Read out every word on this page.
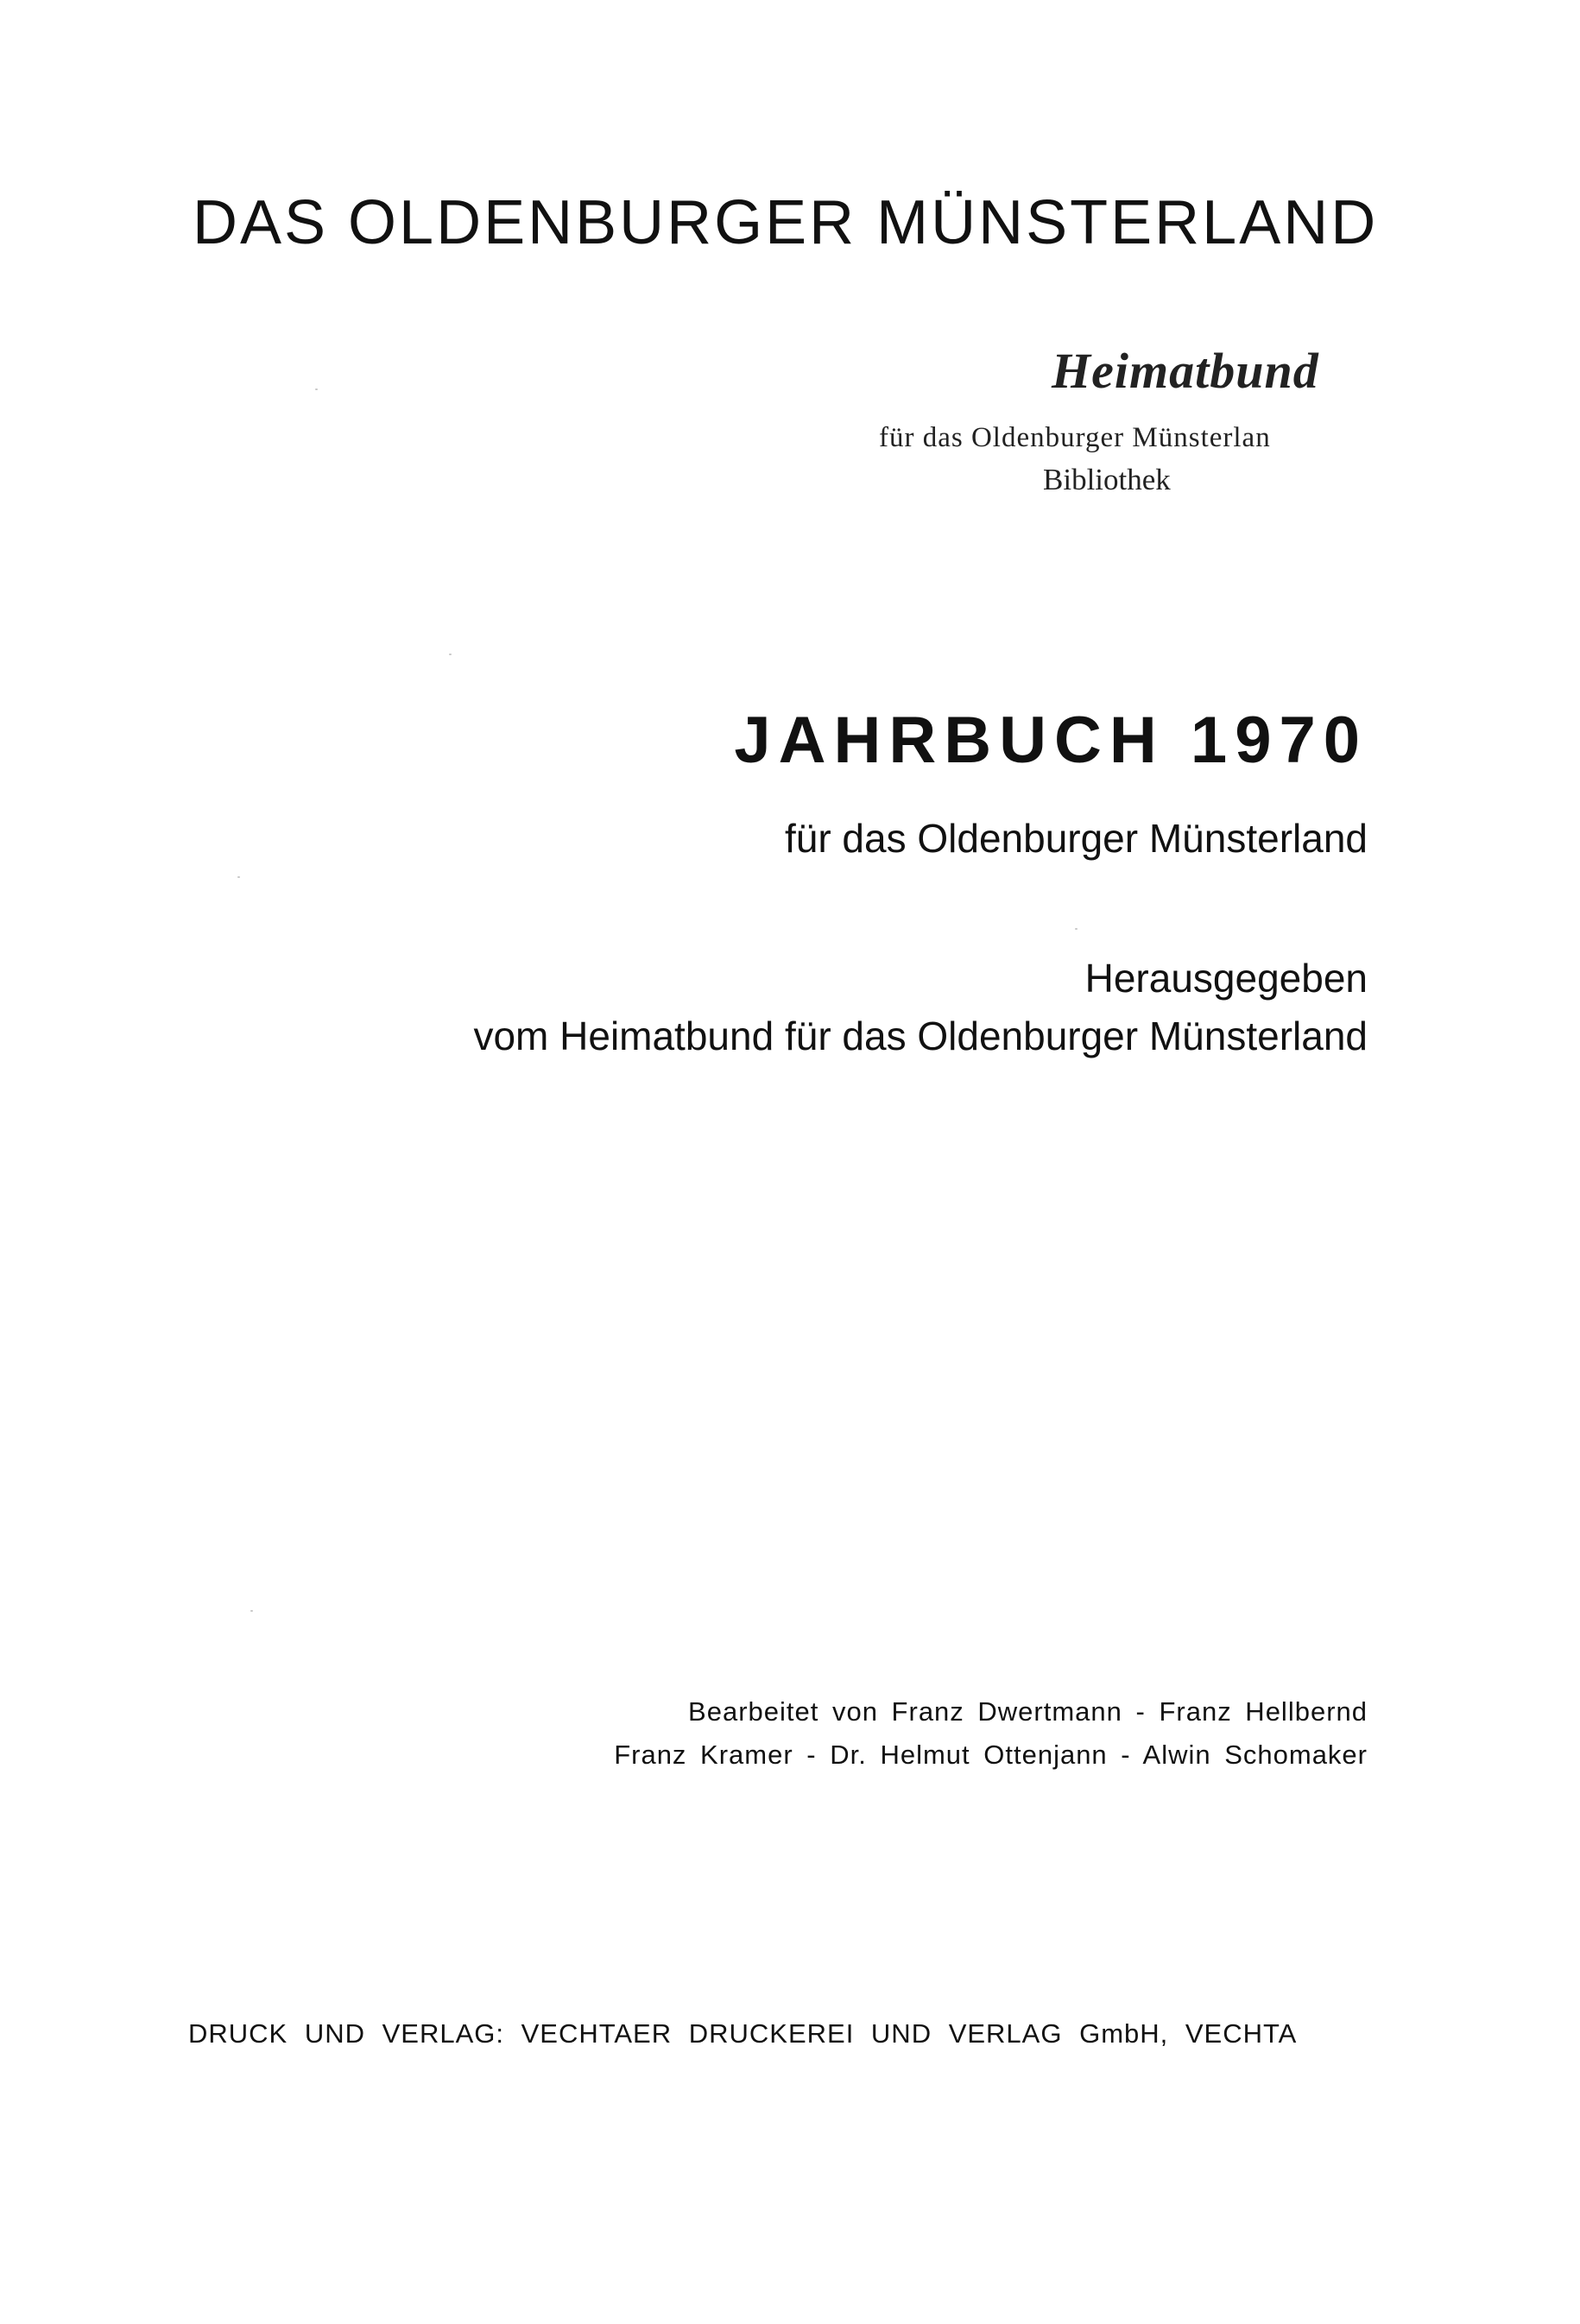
DAS OLDENBURGER MÜNSTERLAND
Heimatbund
für das Oldenburger Münsterlan
Bibliothek
JAHRBUCH 1970
für das Oldenburger Münsterland
Herausgegeben
vom Heimatbund für das Oldenburger Münsterland
Bearbeitet von Franz Dwertmann - Franz Hellbernd
Franz Kramer - Dr. Helmut Ottenjann - Alwin Schomaker
DRUCK UND VERLAG: VECHTAER DRUCKEREI UND VERLAG GmbH, VECHTA
